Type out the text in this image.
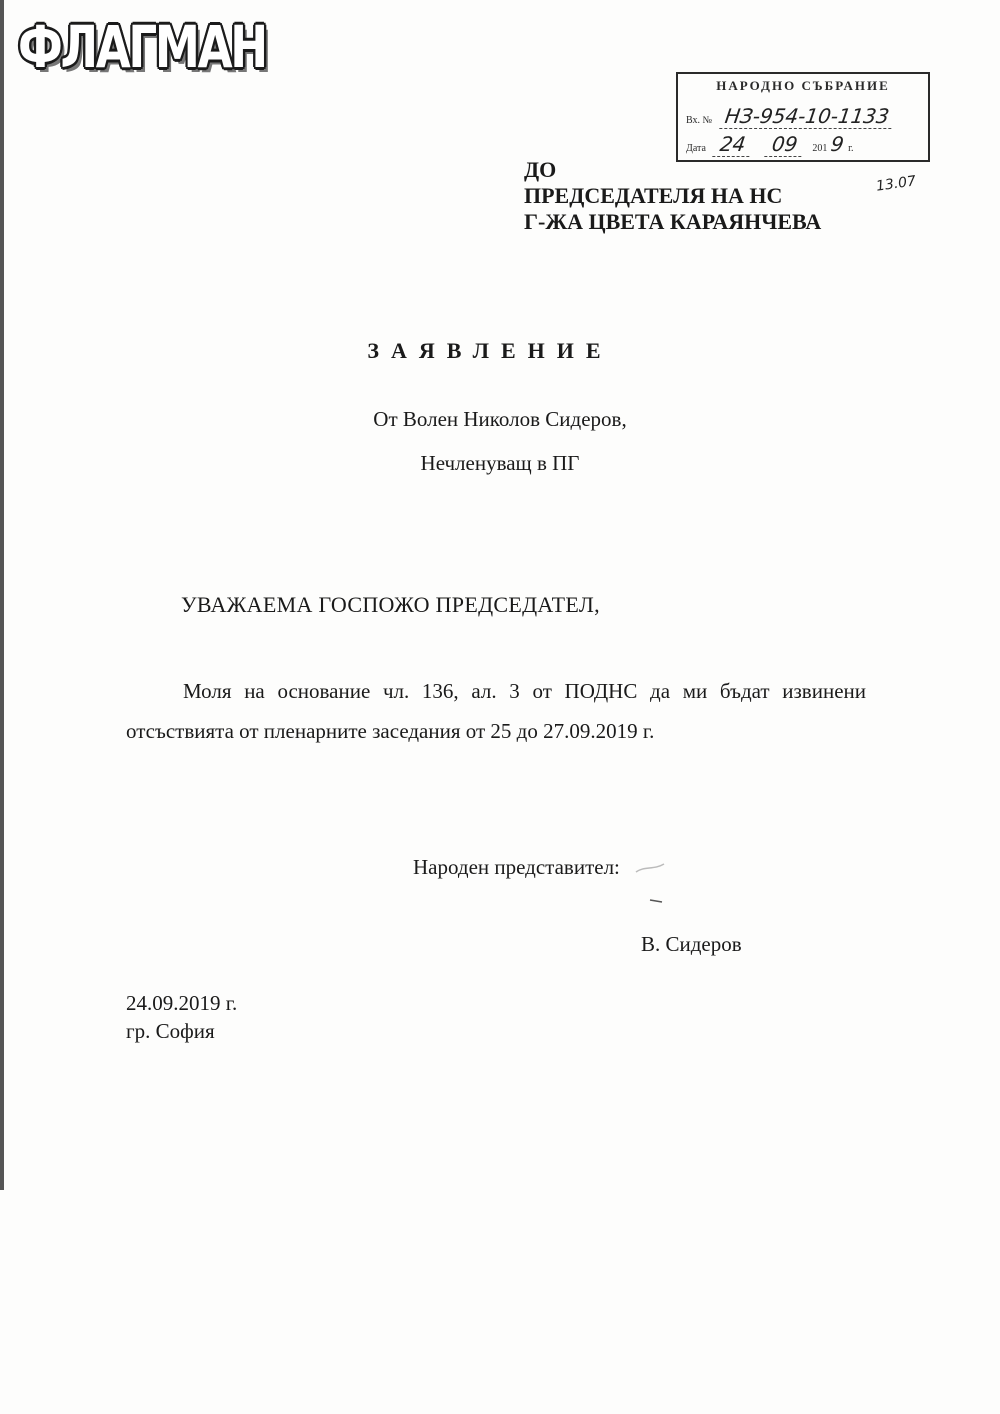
ФЛАГМАН
НАРОДНО СЪБРАНИЕ
Вх. № НЗ-954-10-1133
Дата 24 09 201 9 г.
ДО
ПРЕДСЕДАТЕЛЯ НА НС
Г-ЖА ЦВЕТА КАРАЯНЧЕВА
13.07
ЗАЯВЛЕНИЕ
От Волен Николов Сидеров,
Нечленуващ в ПГ
УВАЖАЕМА ГОСПОЖО ПРЕДСЕДАТЕЛ,
Моля на основание чл. 136, ал. 3 от ПОДНС да ми бъдат извинени отсъствията от пленарните заседания от 25 до 27.09.2019 г.
Народен представител:
В. Сидеров
24.09.2019 г.
гр. София
